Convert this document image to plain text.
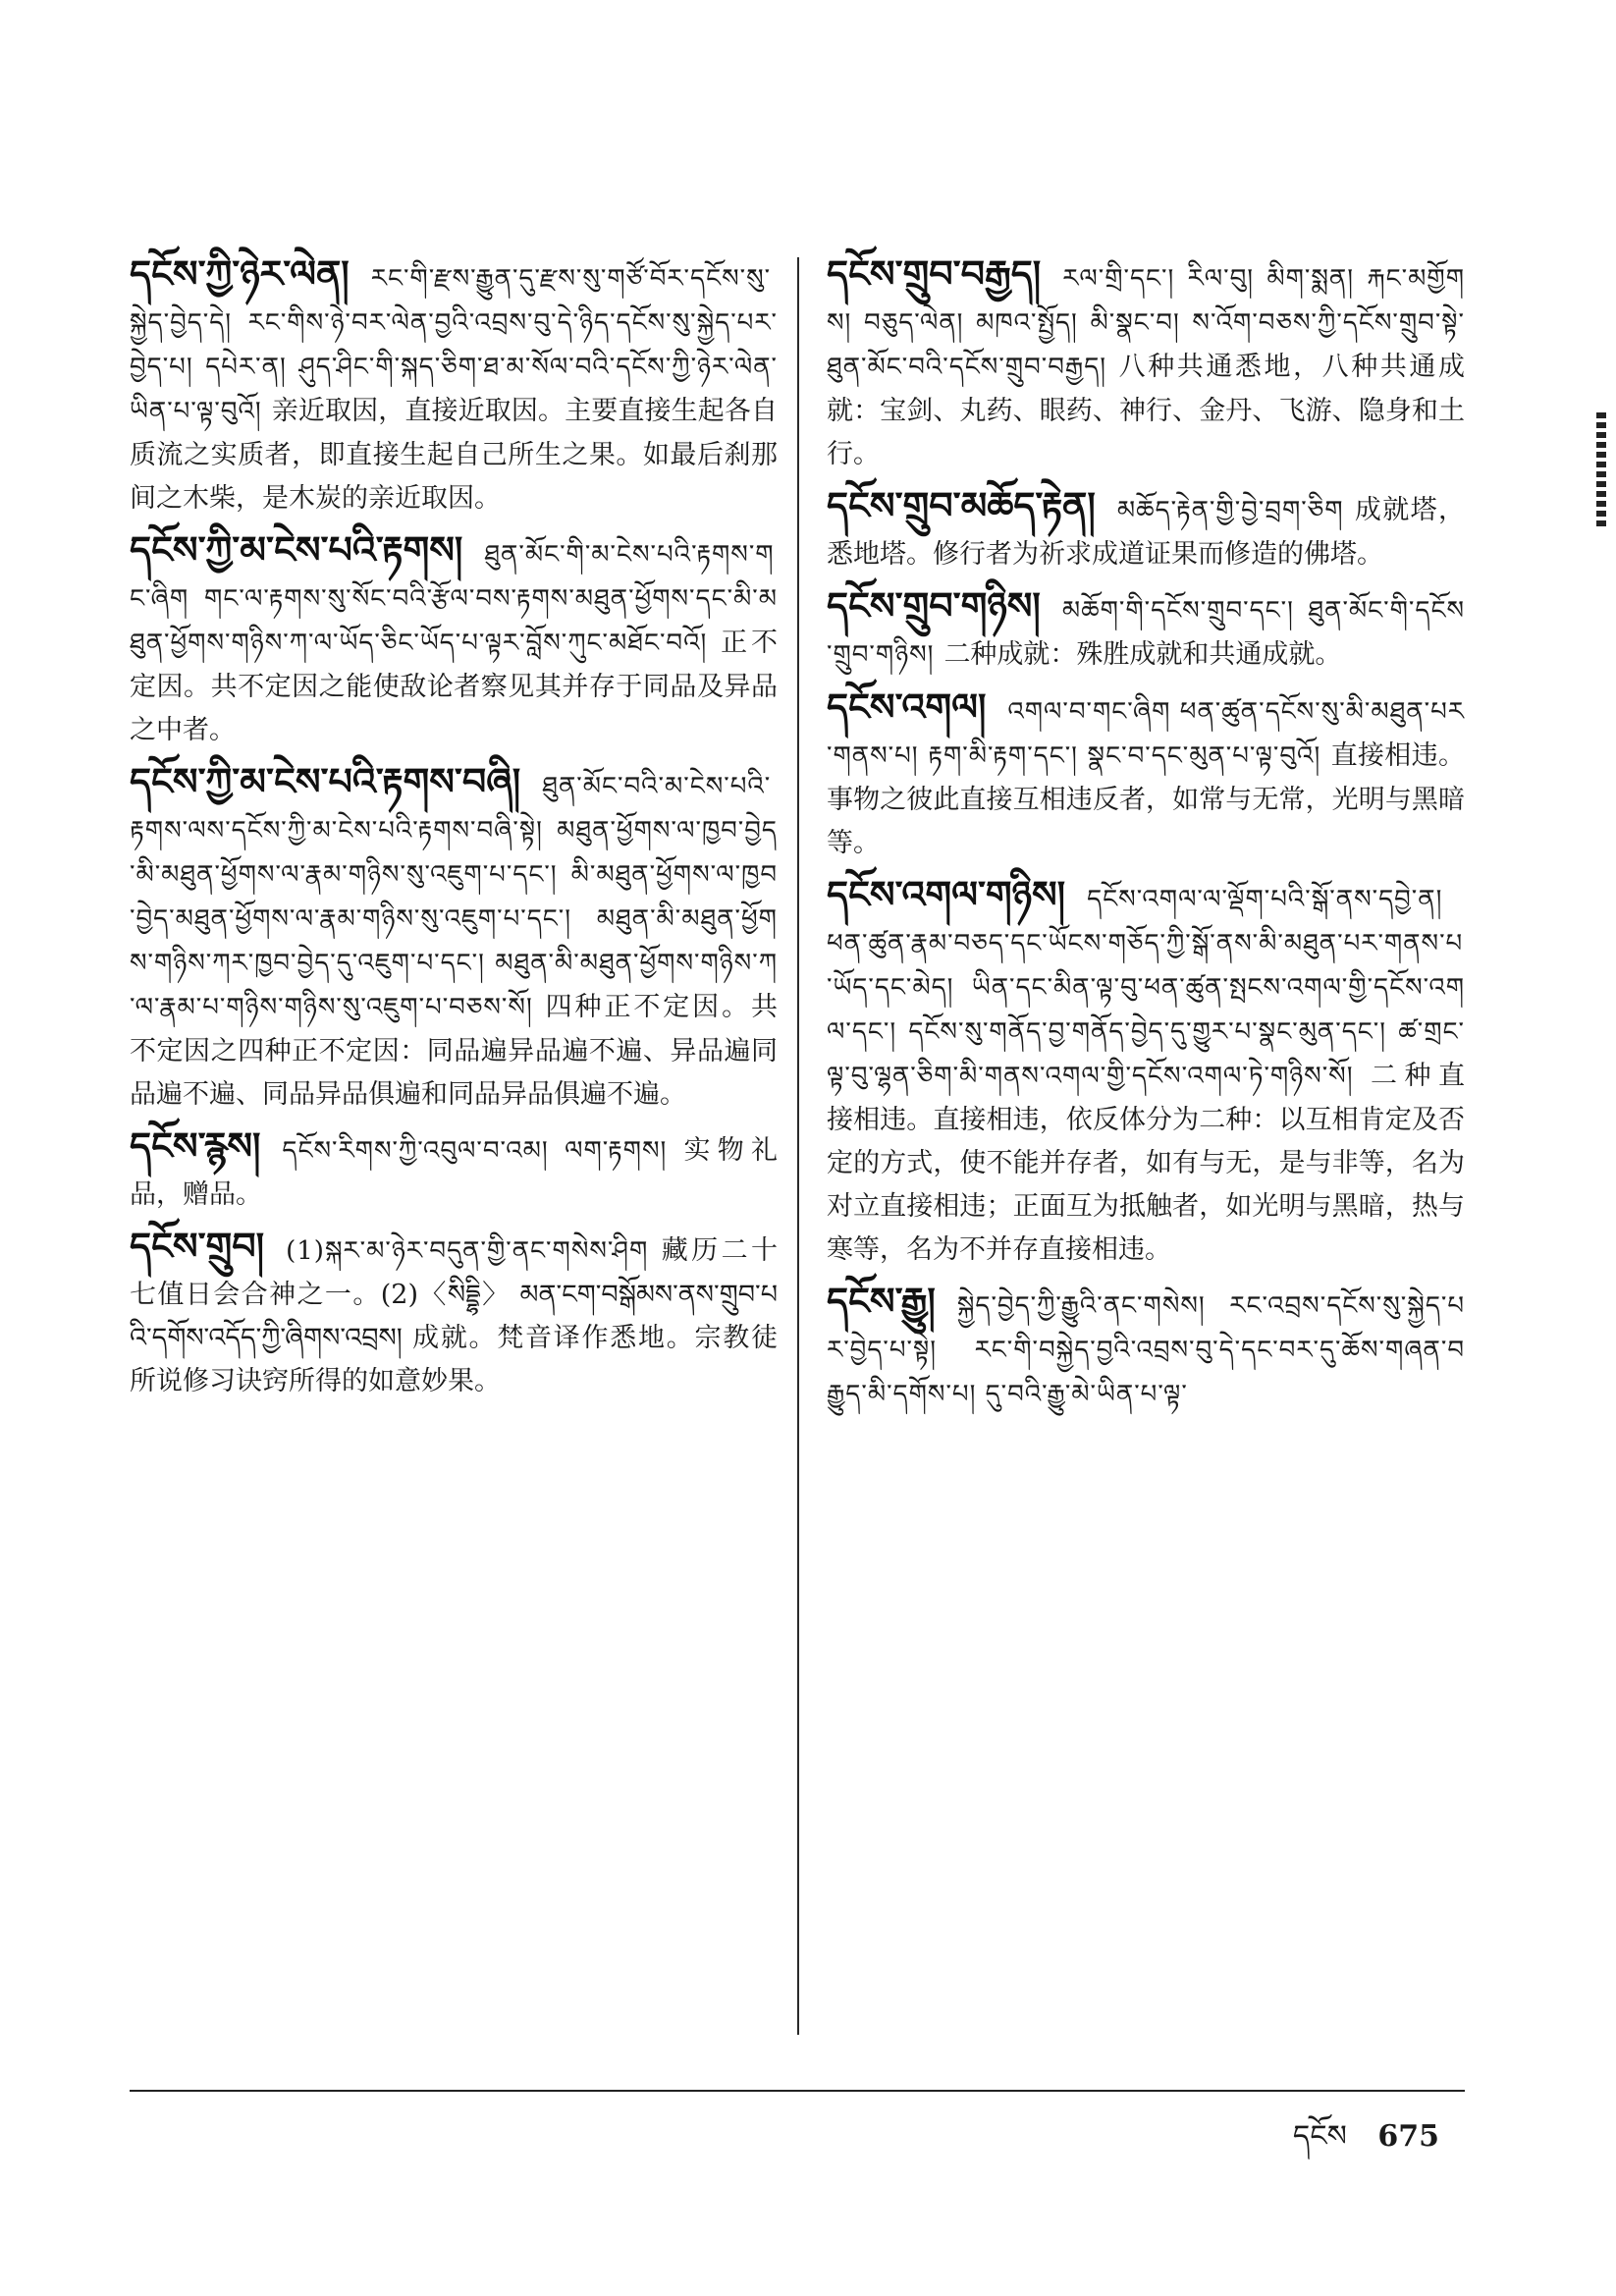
དངོས་ཀྱི་ཉེར་ལེན། རང་གི་རྫས་རྒྱུན་དུ་རྫས་སུ་གཙོ་བོར་དངོས་སུ་སྐྱེད་བྱེད་དེ། རང་གིས་ཉེ་བར་ལེན་བྱའི་འབྲས་བུ་དེ་ཉིད་དངོས་སུ་སྐྱེད་པར་བྱེད་པ། དཔེར་ན། ཤུད་ཤིང་གི་སྐད་ཅིག་ཐ་མ་སོལ་བའི་དངོས་ཀྱི་ཉེར་ལེན་ཡིན་པ་ལྟ་བུའོ། 亲近取因，直接近取因。主要直接生起各自质流之实质者，即直接生起自己所生之果。如最后刹那间之木柴，是木炭的亲近取因。
དངོས་ཀྱི་མ་ངེས་པའི་རྟགས། ཐུན་མོང་གི་མ་ངེས་པའི་རྟགས་གང་ཞིག གང་ལ་རྟགས་སུ་སོང་བའི་རྩོལ་བས་རྟགས་མཐུན་ཕྱོགས་དང་མི་མཐུན་ཕྱོགས་གཉིས་ཀ་ལ་ཡོད་ཅིང་ཡོད་པ་ལྟར་བློས་ཀུང་མཐོང་བའོ། 正不定因。共不定因之能使敌论者察见其并存于同品及异品之中者。
དངོས་ཀྱི་མ་ངེས་པའི་རྟགས་བཞི། ཐུན་མོང་བའི་མ་ངེས་པའི་རྟགས་ལས་དངོས་ཀྱི་མ་ངེས་པའི་རྟགས་བཞི་སྟེ། མཐུན་ཕྱོགས་ལ་ཁྱབ་བྱེད་མི་མཐུན་ཕྱོགས་ལ་རྣམ་གཉིས་སུ་འཇུག་པ་དང་། མི་མཐུན་ཕྱོགས་ལ་ཁྱབ་བྱེད་མཐུན་ཕྱོགས་ལ་རྣམ་གཉིས་སུ་འཇུག་པ་དང་། མཐུན་མི་མཐུན་ཕྱོགས་གཉིས་ཀར་ཁྱབ་བྱེད་དུ་འཇུག་པ་དང་། མཐུན་མི་མཐུན་ཕྱོགས་གཉིས་ཀ་ལ་རྣམ་པ་གཉིས་གཉིས་སུ་འཇུག་པ་བཅས་སོ། 四种正不定因。共不定因之四种正不定因：同品遍异品遍不遍、异品遍同品遍不遍、同品异品俱遍和同品异品俱遍不遍。
དངོས་རྙས། དངོས་རིགས་ཀྱི་འབུལ་བ་འམ། ལག་རྟགས། 实物礼品，赠品。
དངོས་གྲུབ། (1)སྐར་མ་ཉེར་བདུན་གྱི་ནང་གསེས་ཤིག 藏历二十七值日会合神之一。(2)〈སིདྡྷི〉 མན་ངག་བསྒོམས་ནས་གྲུབ་པའི་དགོས་འདོད་ཀྱི་ཞིགས་འབྲས། 成就。梵音译作悉地。宗教徒所说修习诀窍所得的如意妙果。
དངོས་གྲུབ་བརྒྱད། རལ་གྲི་དང་། རིལ་བུ། མིག་སྨན། རྐང་མགྱོགས། བཅུད་ལེན། མཁའ་སྤྱོད། མི་སྣང་བ། ས་འོག་བཅས་ཀྱི་དངོས་གྲུབ་སྟེ་ཐུན་མོང་བའི་དངོས་གྲུབ་བརྒྱད། 八种共通悉地，八种共通成就：宝剑、丸药、眼药、神行、金丹、飞游、隐身和土行。
དངོས་གྲུབ་མཆོད་རྟེན། མཆོད་རྟེན་གྱི་བྱེ་བྲག་ཅིག 成就塔，悉地塔。修行者为祈求成道证果而修造的佛塔。
དངོས་གྲུབ་གཉིས། མཆོག་གི་དངོས་གྲུབ་དང་། ཐུན་མོང་གི་དངོས་གྲུབ་གཉིས། 二种成就：殊胜成就和共通成就。
དངོས་འགལ། འགལ་བ་གང་ཞིག ཕན་ཚུན་དངོས་སུ་མི་མཐུན་པར་གནས་པ། རྟག་མི་རྟག་དང་། སྣང་བ་དང་མུན་པ་ལྟ་བུའོ། 直接相违。事物之彼此直接互相违反者，如常与无常，光明与黑暗等。
དངོས་འགལ་གཉིས། དངོས་འགལ་ལ་ལྡོག་པའི་སྒོ་ནས་དབྱེ་ན། ཕན་ཚུན་རྣམ་བཅད་དང་ཡོངས་གཅོད་ཀྱི་སྒོ་ནས་མི་མཐུན་པར་གནས་པ་ཡོད་དང་མེད། ཡིན་དང་མིན་ལྟ་བུ་ཕན་ཚུན་སྤངས་འགལ་གྱི་དངོས་འགལ་དང་། དངོས་སུ་གནོད་བྱ་གནོད་བྱེད་དུ་གྱུར་པ་སྣང་མུན་དང་། ཚ་གྲང་ལྟ་བུ་ལྷན་ཅིག་མི་གནས་འགལ་གྱི་དངོས་འགལ་ཏེ་གཉིས་སོ། 二种直接相违。直接相违，依反体分为二种：以互相肯定及否定的方式，使不能并存者，如有与无，是与非等，名为对立直接相违；正面互为抵触者，如光明与黑暗，热与寒等，名为不并存直接相违。
དངོས་རྒྱུ། སྐྱེད་བྱེད་ཀྱི་རྒྱུའི་ནང་གསེས། རང་འབྲས་དངོས་སུ་སྐྱེད་པར་བྱེད་པ་སྟེ། རང་གི་བསྐྱེད་བྱའི་འབྲས་བུ་དེ་དང་བར་དུ་ཆོས་གཞན་བརྒྱུད་མི་དགོས་པ། དུ་བའི་རྒྱུ་མེ་ཡིན་པ་ལྟ་
དངོས 675
